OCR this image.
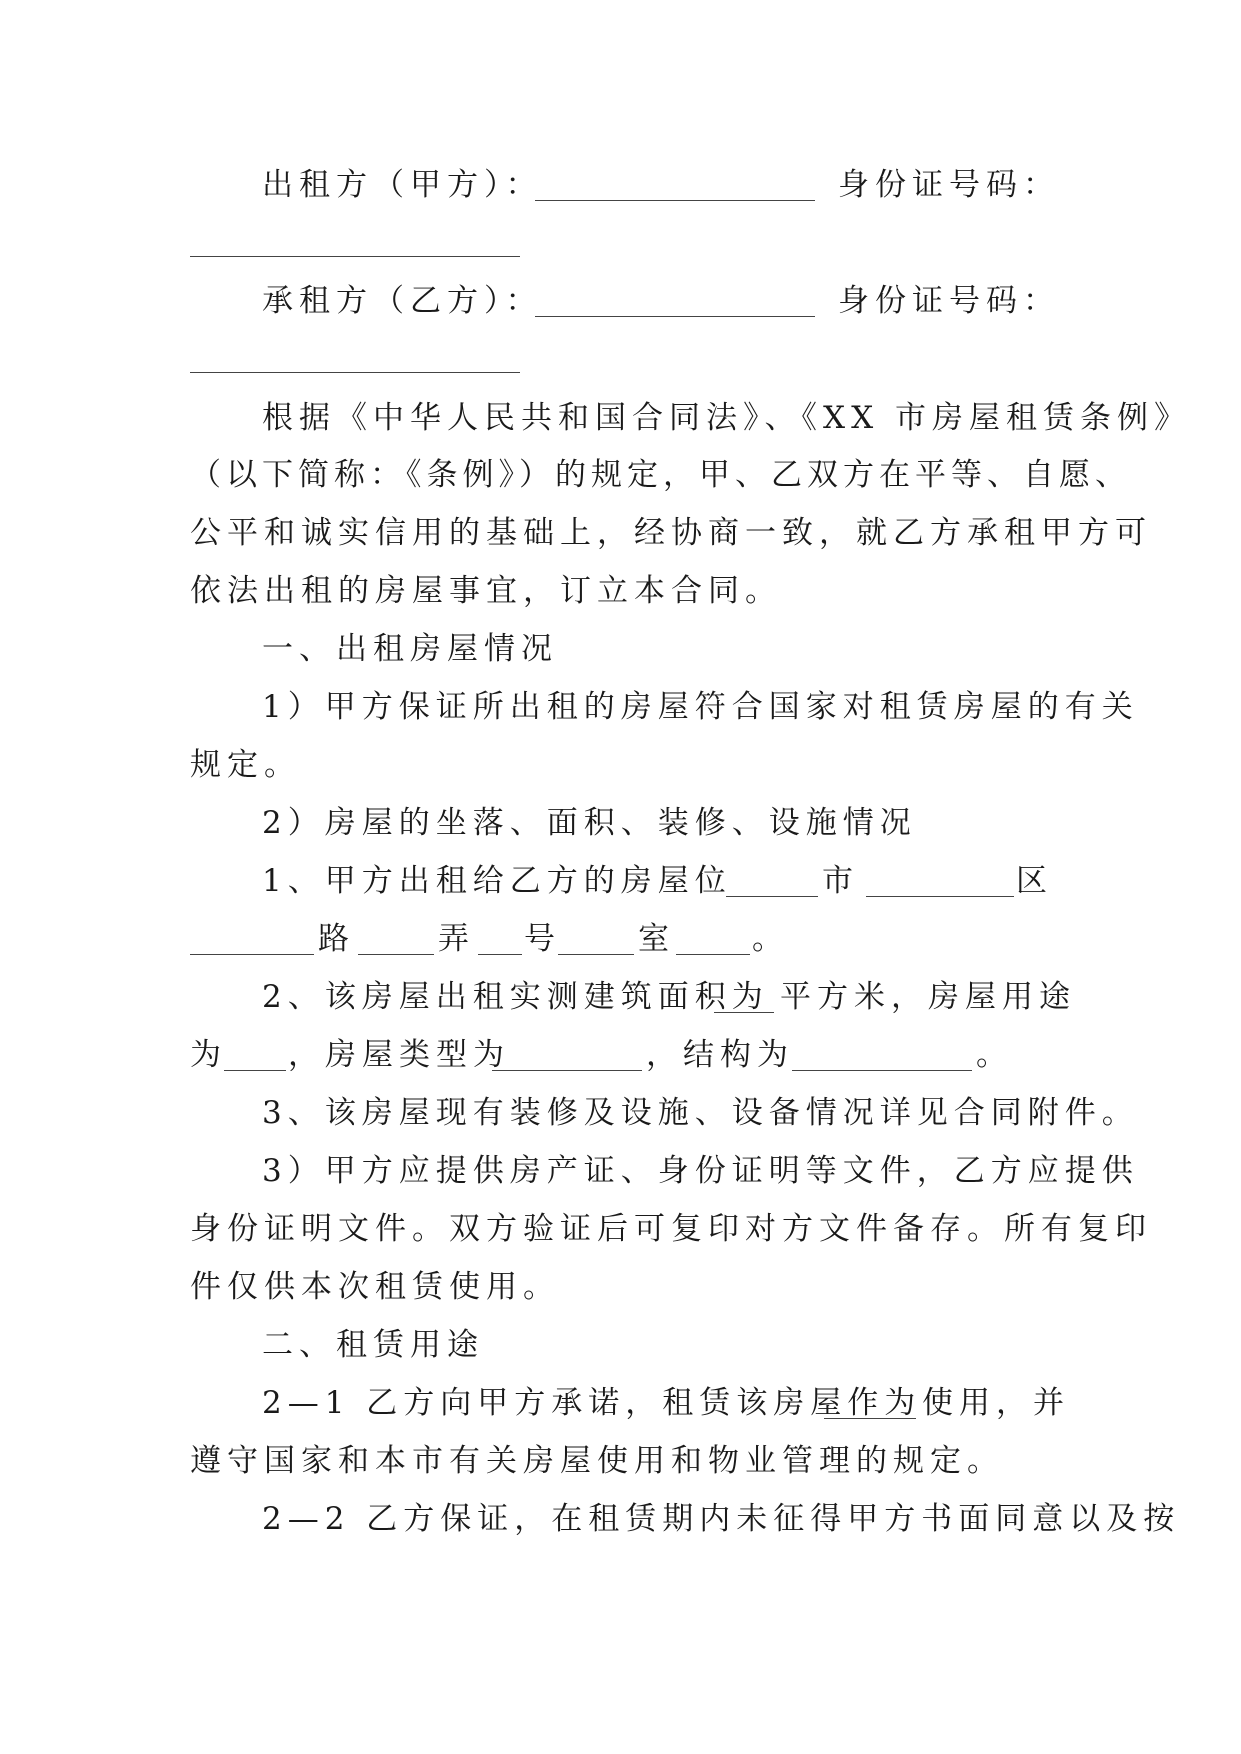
出租方（甲方）：	身份证号码：
承租方（乙方）：	身份证号码：
根据《中华人民共和国合同法》、《XX 市房屋租赁条例》
（以下简称：《条例》）的规定，甲、乙双方在平等、自愿、
公平和诚实信用的基础上，经协商一致，就乙方承租甲方可
依法出租的房屋事宜，订立本合同。
一、出租房屋情况
1）甲方保证所出租的房屋符合国家对租赁房屋的有关
规定。
2）房屋的坐落、面积、装修、设施情况
1、甲方出租给乙方的房屋位	市	区
路	弄 号 室 。
2、该房屋出租实测建筑面积为 平方米，房屋用途
为 ，房屋类型为	，结构为	。
3、该房屋现有装修及设施、设备情况详见合同附件。
3）甲方应提供房产证、身份证明等文件，乙方应提供
身份证明文件。双方验证后可复印对方文件备存。所有复印
件仅供本次租赁使用。
二、租赁用途
2—1 乙方向甲方承诺，租赁该房屋作为 使用，并
遵守国家和本市有关房屋使用和物业管理的规定。
2—2 乙方保证，在租赁期内未征得甲方书面同意以及按
